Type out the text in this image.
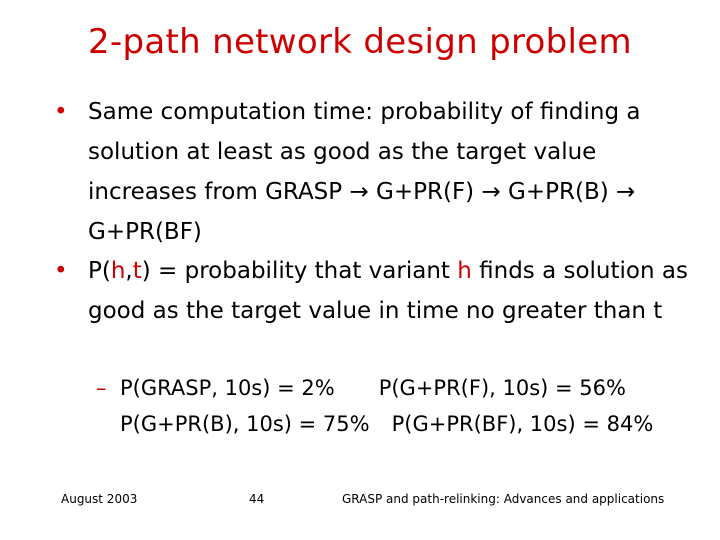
2-path network design problem
• Same computation time: probability of finding a solution at least as good as the target value increases from GRASP → G+PR(F) → G+PR(B) → G+PR(BF)
• P(h,t) = probability that variant h finds a solution as good as the target value in time no greater than t
– P(GRASP, 10s) = 2% P(G+PR(F), 10s) = 56%
P(G+PR(B), 10s) = 75% P(G+PR(BF), 10s) = 84%
August 2003	44	GRASP and path-relinking: Advances and applications
